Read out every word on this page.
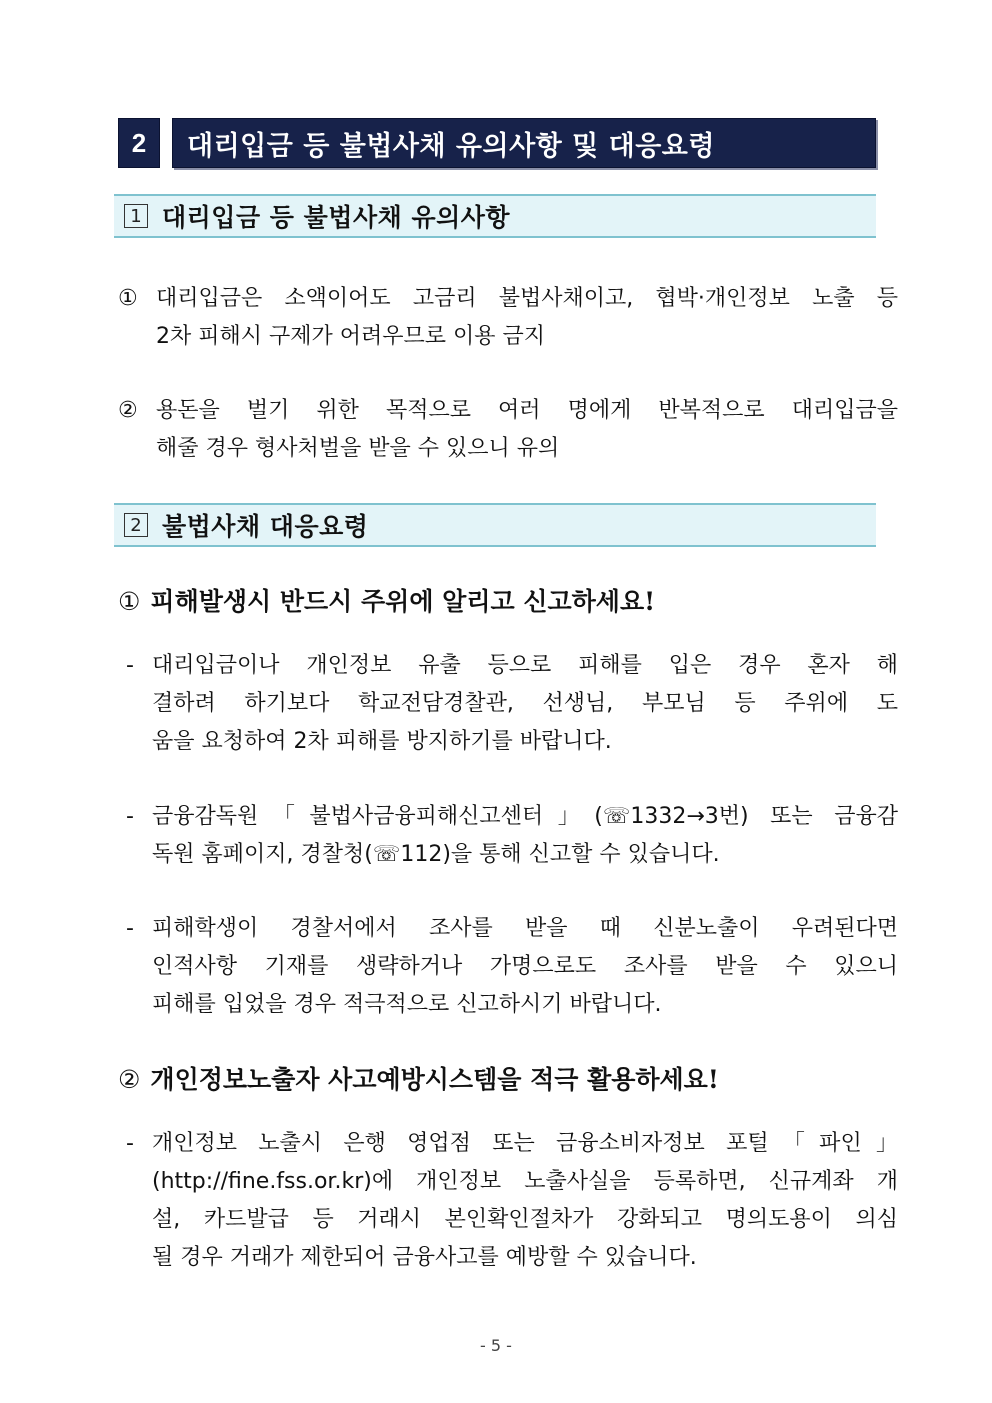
2	대리입금 등 불법사채 유의사항 및 대응요령
1 대리입금 등 불법사채 유의사항
① 대리입금은 소액이어도 고금리 불법사채이고, 협박·개인정보 노출 등
2차 피해시 구제가 어려우므로 이용 금지
② 용돈을 벌기 위한 목적으로 여러 명에게 반복적으로 대리입금을
해줄 경우 형사처벌을 받을 수 있으니 유의
2 불법사채 대응요령
① 피해발생시 반드시 주위에 알리고 신고하세요!
- 대리입금이나 개인정보 유출 등으로 피해를 입은 경우 혼자 해
결하려 하기보다 학교전담경찰관, 선생님, 부모님 등 주위에 도
움을 요청하여 2차 피해를 방지하기를 바랍니다.
- 금융감독원「불법사금융피해신고센터」(☏1332→3번) 또는 금융감
독원 홈페이지, 경찰청(☏112)을 통해 신고할 수 있습니다.
- 피해학생이 경찰서에서 조사를 받을 때 신분노출이 우려된다면
인적사항 기재를 생략하거나 가명으로도 조사를 받을 수 있으니
피해를 입었을 경우 적극적으로 신고하시기 바랍니다.
② 개인정보노출자 사고예방시스템을 적극 활용하세요!
- 개인정보 노출시 은행 영업점 또는 금융소비자정보 포털「파인」
(http://fine.fss.or.kr)에 개인정보 노출사실을 등록하면, 신규계좌 개
설, 카드발급 등 거래시 본인확인절차가 강화되고 명의도용이 의심
될 경우 거래가 제한되어 금융사고를 예방할 수 있습니다.
- 5 -
